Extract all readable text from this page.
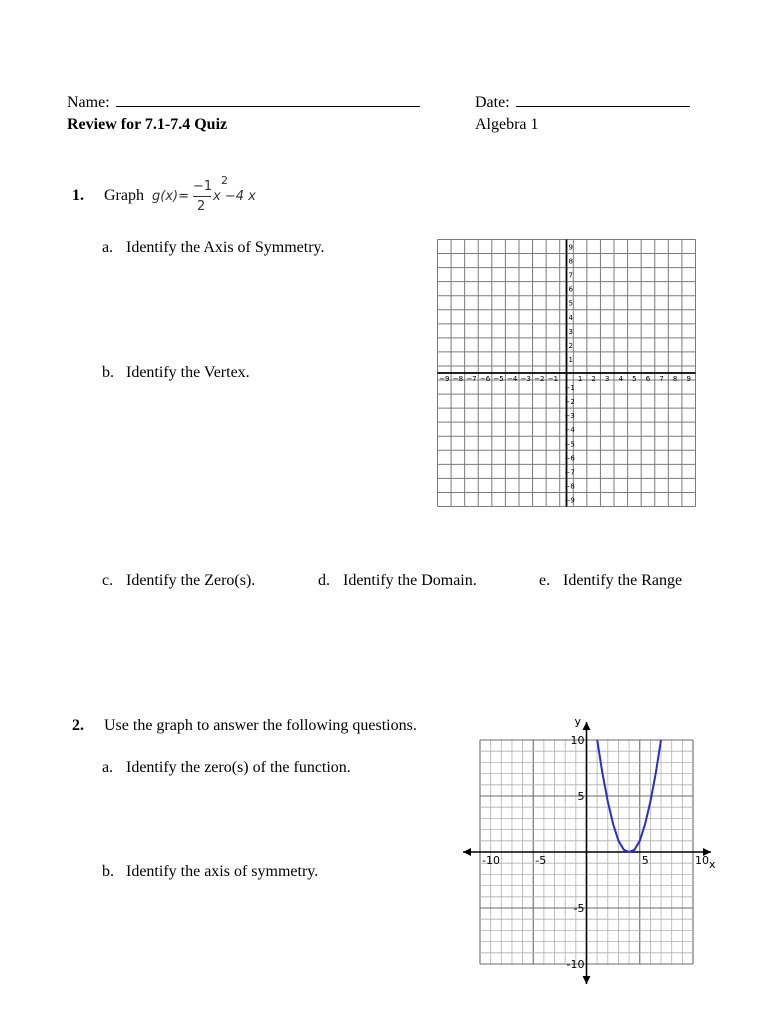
Name:	Date:
Review for 7.1-7.4 Quiz	Algebra 1
1. Graph g(x)=
−1
2
2
x −4 x
a. Identify the Axis of Symmetry.
b. Identify the Vertex.
c. Identify the Zero(s).	d. Identify the Domain.	e. Identify the Range
−9 −8 −7 −6 −5 −4 −3 −2 −1	1 2 3 4 5 6 7 8 9
9
8
7
6
5
4
3
2
1
−1
−2
−3
−4
−5
−6
−7
−8
−9
2. Use the graph to answer the following questions.
a. Identify the zero(s) of the function.
b. Identify the axis of symmetry.	x
y
-10	-5	5	10
10
5
-5
-10
